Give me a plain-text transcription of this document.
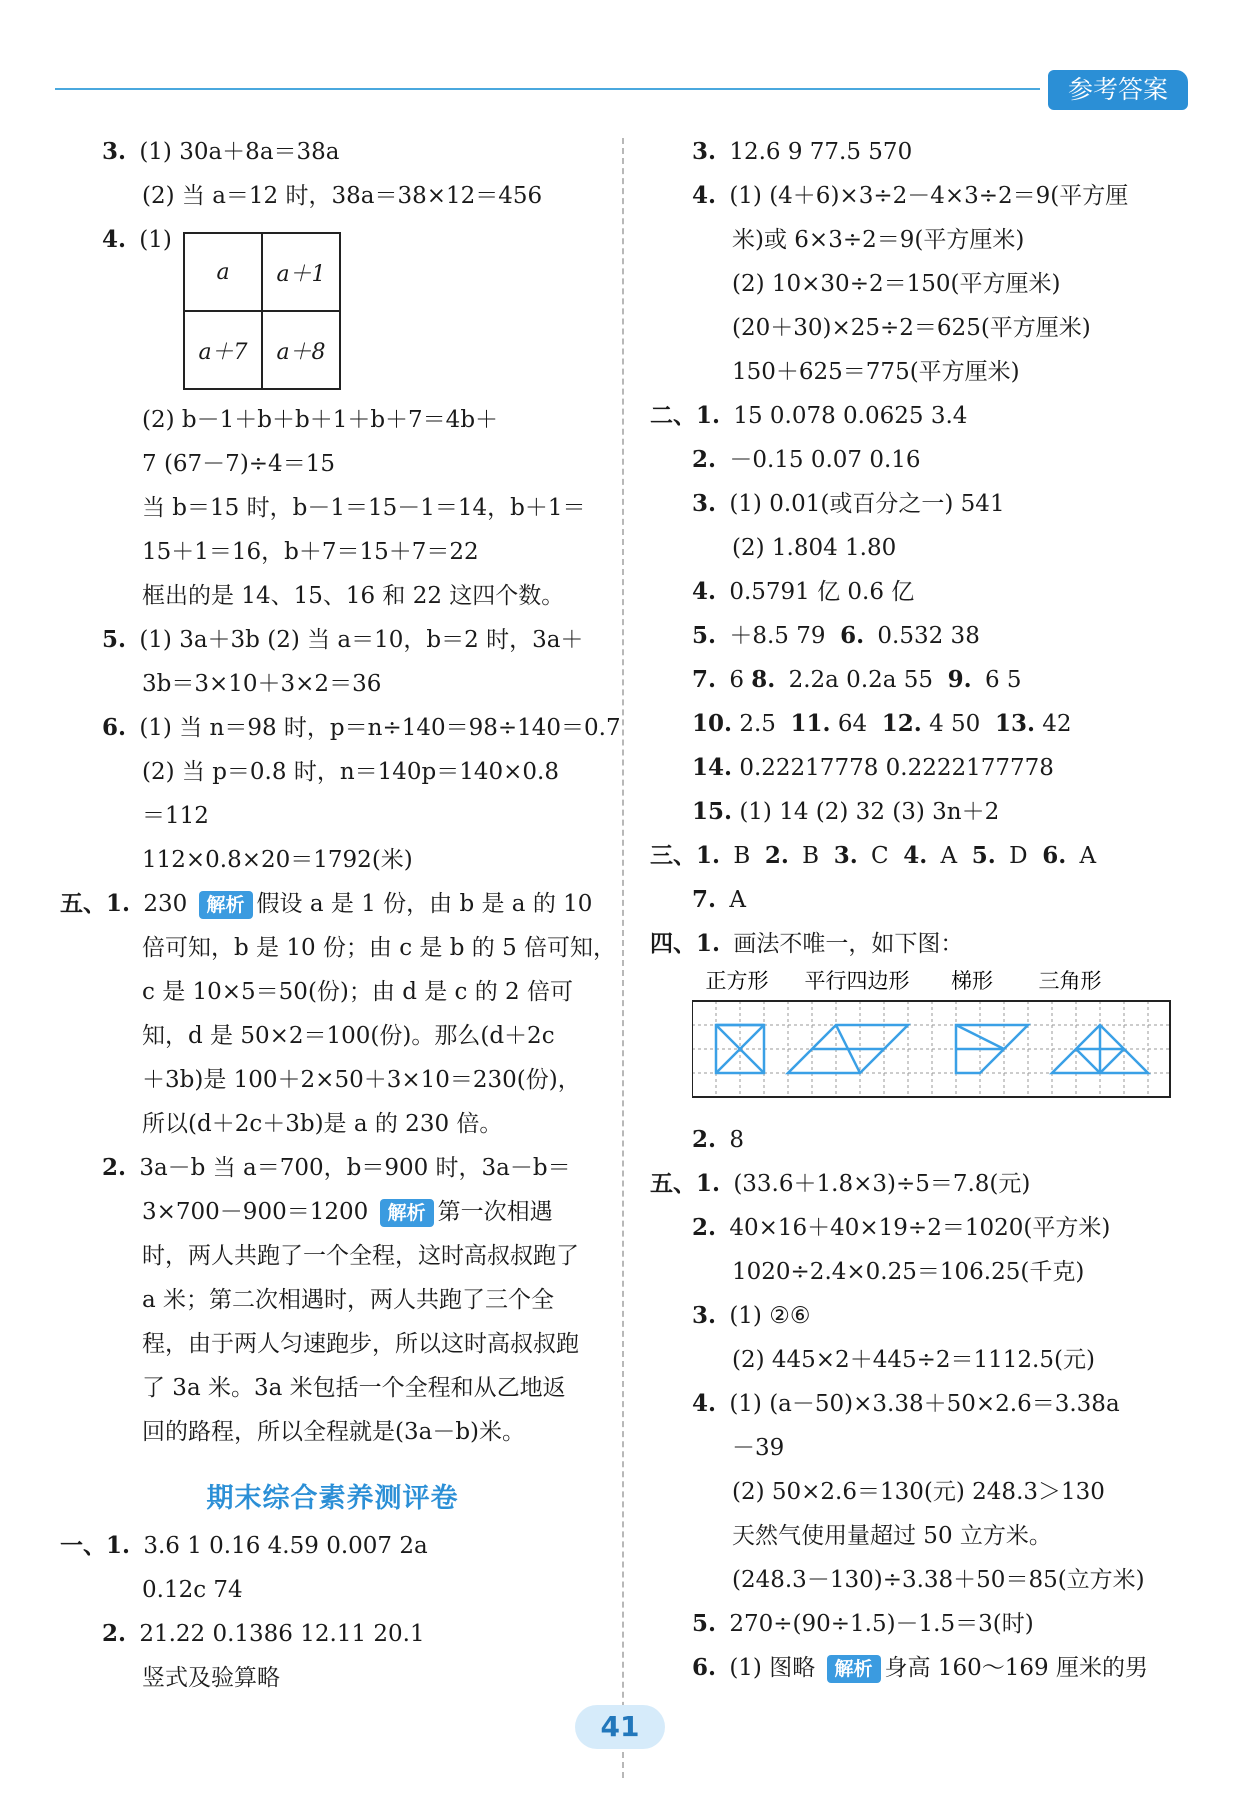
参考答案
3. (1) 30a＋8a＝38a
(2) 当 a＝12 时，38a＝38×12＝456
4. (1)
a	a＋1
a＋7	a＋8
(2) b－1＋b＋b＋1＋b＋7＝4b＋
7 (67－7)÷4＝15
当 b＝15 时，b－1＝15－1＝14，b＋1＝
15＋1＝16，b＋7＝15＋7＝22
框出的是 14、15、16 和 22 这四个数。
5. (1) 3a＋3b (2) 当 a＝10，b＝2 时，3a＋
3b＝3×10＋3×2＝36
6. (1) 当 n＝98 时，p＝n÷140＝98÷140＝0.7
(2) 当 p＝0.8 时，n＝140p＝140×0.8
＝112
112×0.8×20＝1792(米)
五、1. 230 解析 假设 a 是 1 份，由 b 是 a 的 10
倍可知，b 是 10 份；由 c 是 b 的 5 倍可知，
c 是 10×5＝50(份)；由 d 是 c 的 2 倍可
知，d 是 50×2＝100(份)。那么(d＋2c
＋3b)是 100＋2×50＋3×10＝230(份)，
所以(d＋2c＋3b)是 a 的 230 倍。
2. 3a－b 当 a＝700，b＝900 时，3a－b＝
3×700－900＝1200 解析 第一次相遇
时，两人共跑了一个全程，这时高叔叔跑了
a 米；第二次相遇时，两人共跑了三个全
程，由于两人匀速跑步，所以这时高叔叔跑
了 3a 米。3a 米包括一个全程和从乙地返
回的路程，所以全程就是(3a－b)米。
期末综合素养测评卷
一、1. 3.6 1 0.16 4.59 0.007 2a
0.12c 74
2. 21.22 0.1386 12.11 20.1
竖式及验算略
3. 12.6 9 77.5 570
4. (1) (4＋6)×3÷2－4×3÷2＝9(平方厘
米)或 6×3÷2＝9(平方厘米)
(2) 10×30÷2＝150(平方厘米)
(20＋30)×25÷2＝625(平方厘米)
150＋625＝775(平方厘米)
二、1. 15 0.078 0.0625 3.4
2. －0.15 0.07 0.16
3. (1) 0.01(或百分之一) 541
(2) 1.804 1.80
4. 0.5791 亿 0.6 亿
5. ＋8.5 79 6. 0.532 38
7. 6 8. 2.2a 0.2a 55 9. 6 5
10. 2.5 11. 64 12. 4 50 13. 42
14. 0.22217778 0.2222177778
15. (1) 14 (2) 32 (3) 3n＋2
三、1. B 2. B 3. C 4. A 5. D 6. A
7. A
四、1. 画法不唯一，如下图：
正方形 平行四边形 梯形 三角形
2. 8
五、1. (33.6＋1.8×3)÷5＝7.8(元)
2. 40×16＋40×19÷2＝1020(平方米)
1020÷2.4×0.25＝106.25(千克)
3. (1) ②⑥
(2) 445×2＋445÷2＝1112.5(元)
4. (1) (a－50)×3.38＋50×2.6＝3.38a
－39
(2) 50×2.6＝130(元) 248.3＞130
天然气使用量超过 50 立方米。
(248.3－130)÷3.38＋50＝85(立方米)
5. 270÷(90÷1.5)－1.5＝3(时)
6. (1) 图略 解析 身高 160～169 厘米的男
41
